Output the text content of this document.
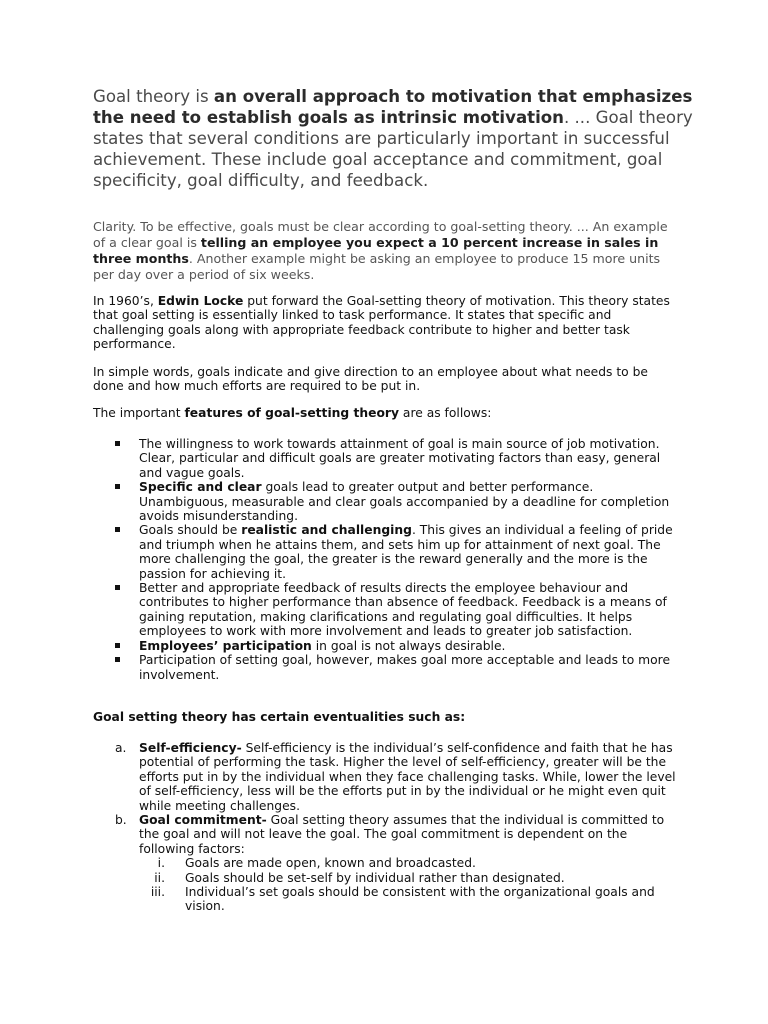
Goal theory is an overall approach to motivation that emphasizes the need to establish goals as intrinsic motivation. ... Goal theory states that several conditions are particularly important in successful achievement. These include goal acceptance and commitment, goal specificity, goal difficulty, and feedback.

Clarity. To be effective, goals must be clear according to goal-setting theory. ... An example of a clear goal is telling an employee you expect a 10 percent increase in sales in three months. Another example might be asking an employee to produce 15 more units per day over a period of six weeks.

In 1960’s, Edwin Locke put forward the Goal-setting theory of motivation. This theory states that goal setting is essentially linked to task performance. It states that specific and challenging goals along with appropriate feedback contribute to higher and better task performance.

In simple words, goals indicate and give direction to an employee about what needs to be done and how much efforts are required to be put in.

The important features of goal-setting theory are as follows:

The willingness to work towards attainment of goal is main source of job motivation. Clear, particular and difficult goals are greater motivating factors than easy, general and vague goals.
Specific and clear goals lead to greater output and better performance. Unambiguous, measurable and clear goals accompanied by a deadline for completion avoids misunderstanding.
Goals should be realistic and challenging. This gives an individual a feeling of pride and triumph when he attains them, and sets him up for attainment of next goal. The more challenging the goal, the greater is the reward generally and the more is the passion for achieving it.
Better and appropriate feedback of results directs the employee behaviour and contributes to higher performance than absence of feedback. Feedback is a means of gaining reputation, making clarifications and regulating goal difficulties. It helps employees to work with more involvement and leads to greater job satisfaction.
Employees’ participation in goal is not always desirable.
Participation of setting goal, however, makes goal more acceptable and leads to more involvement.

Goal setting theory has certain eventualities such as:

a. Self-efficiency- Self-efficiency is the individual’s self-confidence and faith that he has potential of performing the task. Higher the level of self-efficiency, greater will be the efforts put in by the individual when they face challenging tasks. While, lower the level of self-efficiency, less will be the efforts put in by the individual or he might even quit while meeting challenges.
b. Goal commitment- Goal setting theory assumes that the individual is committed to the goal and will not leave the goal. The goal commitment is dependent on the following factors:
i. Goals are made open, known and broadcasted.
ii. Goals should be set-self by individual rather than designated.
iii. Individual’s set goals should be consistent with the organizational goals and vision.
